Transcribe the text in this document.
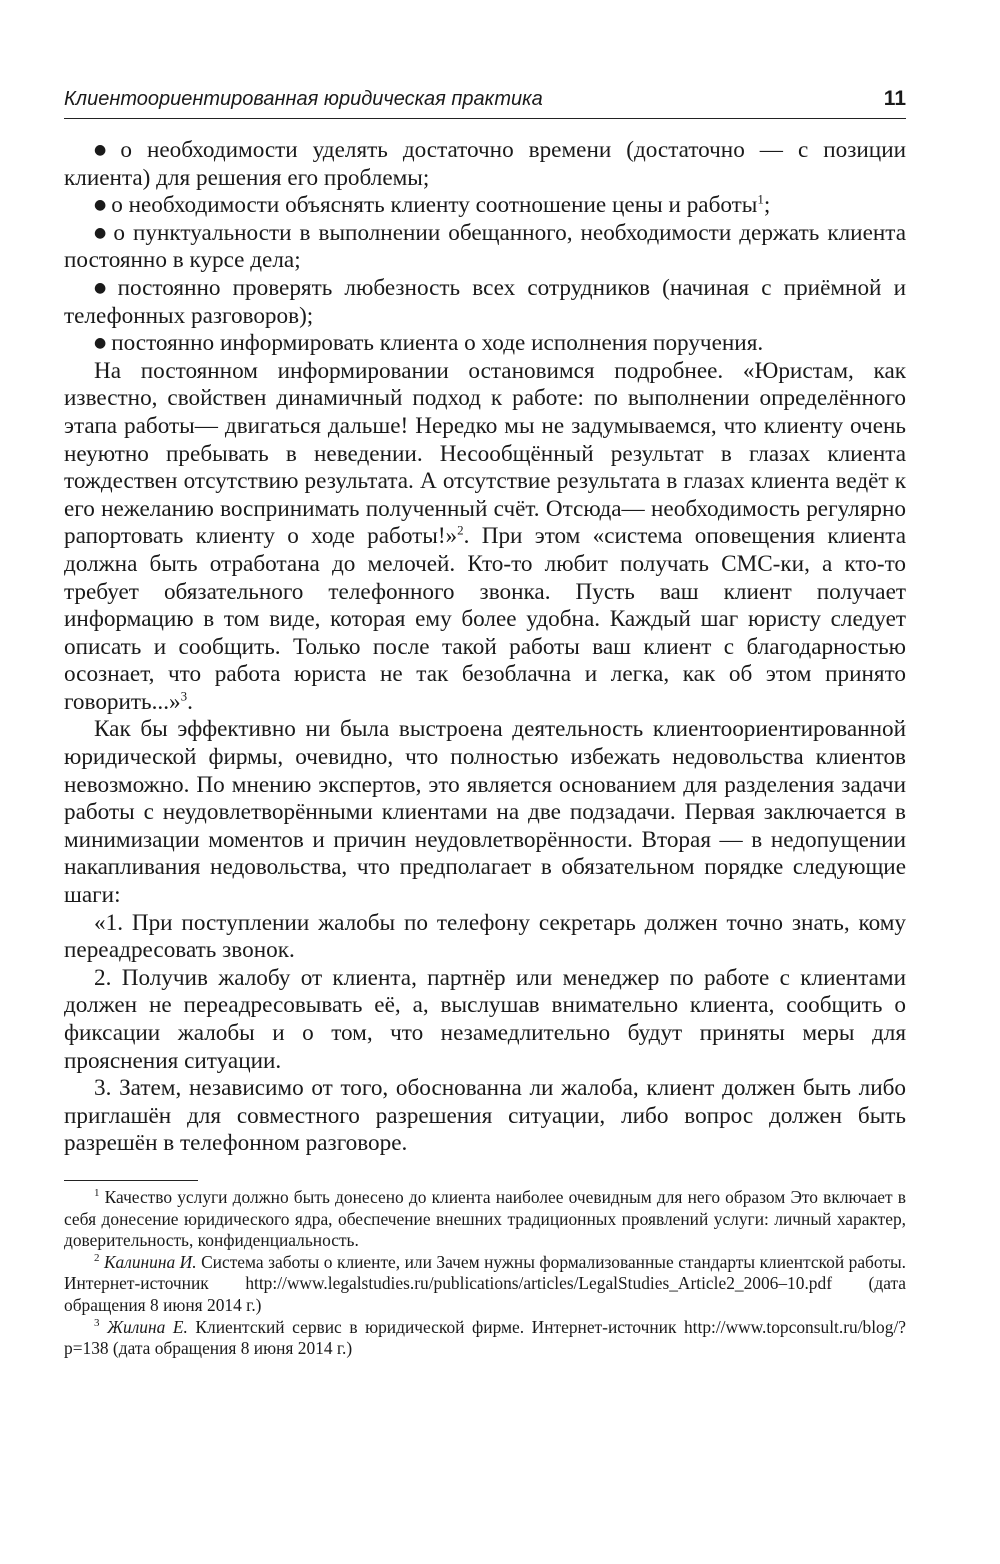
Клиентоориентированная юридическая практика	11

● о необходимости уделять достаточно времени (достаточно — с позиции клиента) для решения его проблемы;

● о необходимости объяснять клиенту соотношение цены и работы$^1$;

● о пунктуальности в выполнении обещанного, необходимости держать клиента постоянно в курсе дела;

● постоянно проверять любезность всех сотрудников (начиная с приёмной и телефонных разговоров);

● постоянно информировать клиента о ходе исполнения поручения.

На постоянном информировании остановимся подробнее. «Юристам, как известно, свойствен динамичный подход к работе: по выполнении определённого этапа работы— двигаться дальше! Нередко мы не задумываемся, что клиенту очень неуютно пребывать в неведении. Несообщённый результат в глазах клиента тождествен отсутствию результата. А отсутствие результата в глазах клиента ведёт к его нежеланию воспринимать полученный счёт. Отсюда— необходимость регулярно рапортовать клиенту о ходе работы!»$^2$. При этом «система оповещения клиента должна быть отработана до мелочей. Кто-то любит получать СМС-ки, а кто-то требует обязательного телефонного звонка. Пусть ваш клиент получает информацию в том виде, которая ему более удобна. Каждый шаг юристу следует описать и сообщить. Только после такой работы ваш клиент с благодарностью осознает, что работа юриста не так безоблачна и легка, как об этом принято говорить...»$^3$.

Как бы эффективно ни была выстроена деятельность клиентоориентированной юридической фирмы, очевидно, что полностью избежать недовольства клиентов невозможно. По мнению экспертов, это является основанием для разделения задачи работы с неудовлетворёнными клиентами на две подзадачи. Первая заключается в минимизации моментов и причин неудовлетворённости. Вторая — в недопущении накапливания недовольства, что предполагает в обязательном порядке следующие шаги:

«1. При поступлении жалобы по телефону секретарь должен точно знать, кому переадресовать звонок.

2. Получив жалобу от клиента, партнёр или менеджер по работе с клиентами должен не переадресовывать её, а, выслушав внимательно клиента, сообщить о фиксации жалобы и о том, что незамедлительно будут приняты меры для прояснения ситуации.

3. Затем, независимо от того, обоснованна ли жалоба, клиент должен быть либо приглашён для совместного разрешения ситуации, либо вопрос должен быть разрешён в телефонном разговоре.

$^1$ Качество услуги должно быть донесено до клиента наиболее очевидным для него образом Это включает в себя донесение юридического ядра, обеспечение внешних традиционных проявлений услуги: личный характер, доверительность, конфиденциальность.

$^2$ Калинина И. Система заботы о клиенте, или Зачем нужны формализованные стандарты клиентской работы. Интернет-источник http://www.legalstudies.ru/publications/articles/LegalStudies_Article2_2006–10.pdf (дата обращения 8 июня 2014 г.)

$^3$ Жилина Е. Клиентский сервис в юридической фирме. Интернет-источник http://www.topconsult.ru/blog/?p=138 (дата обращения 8 июня 2014 г.)
